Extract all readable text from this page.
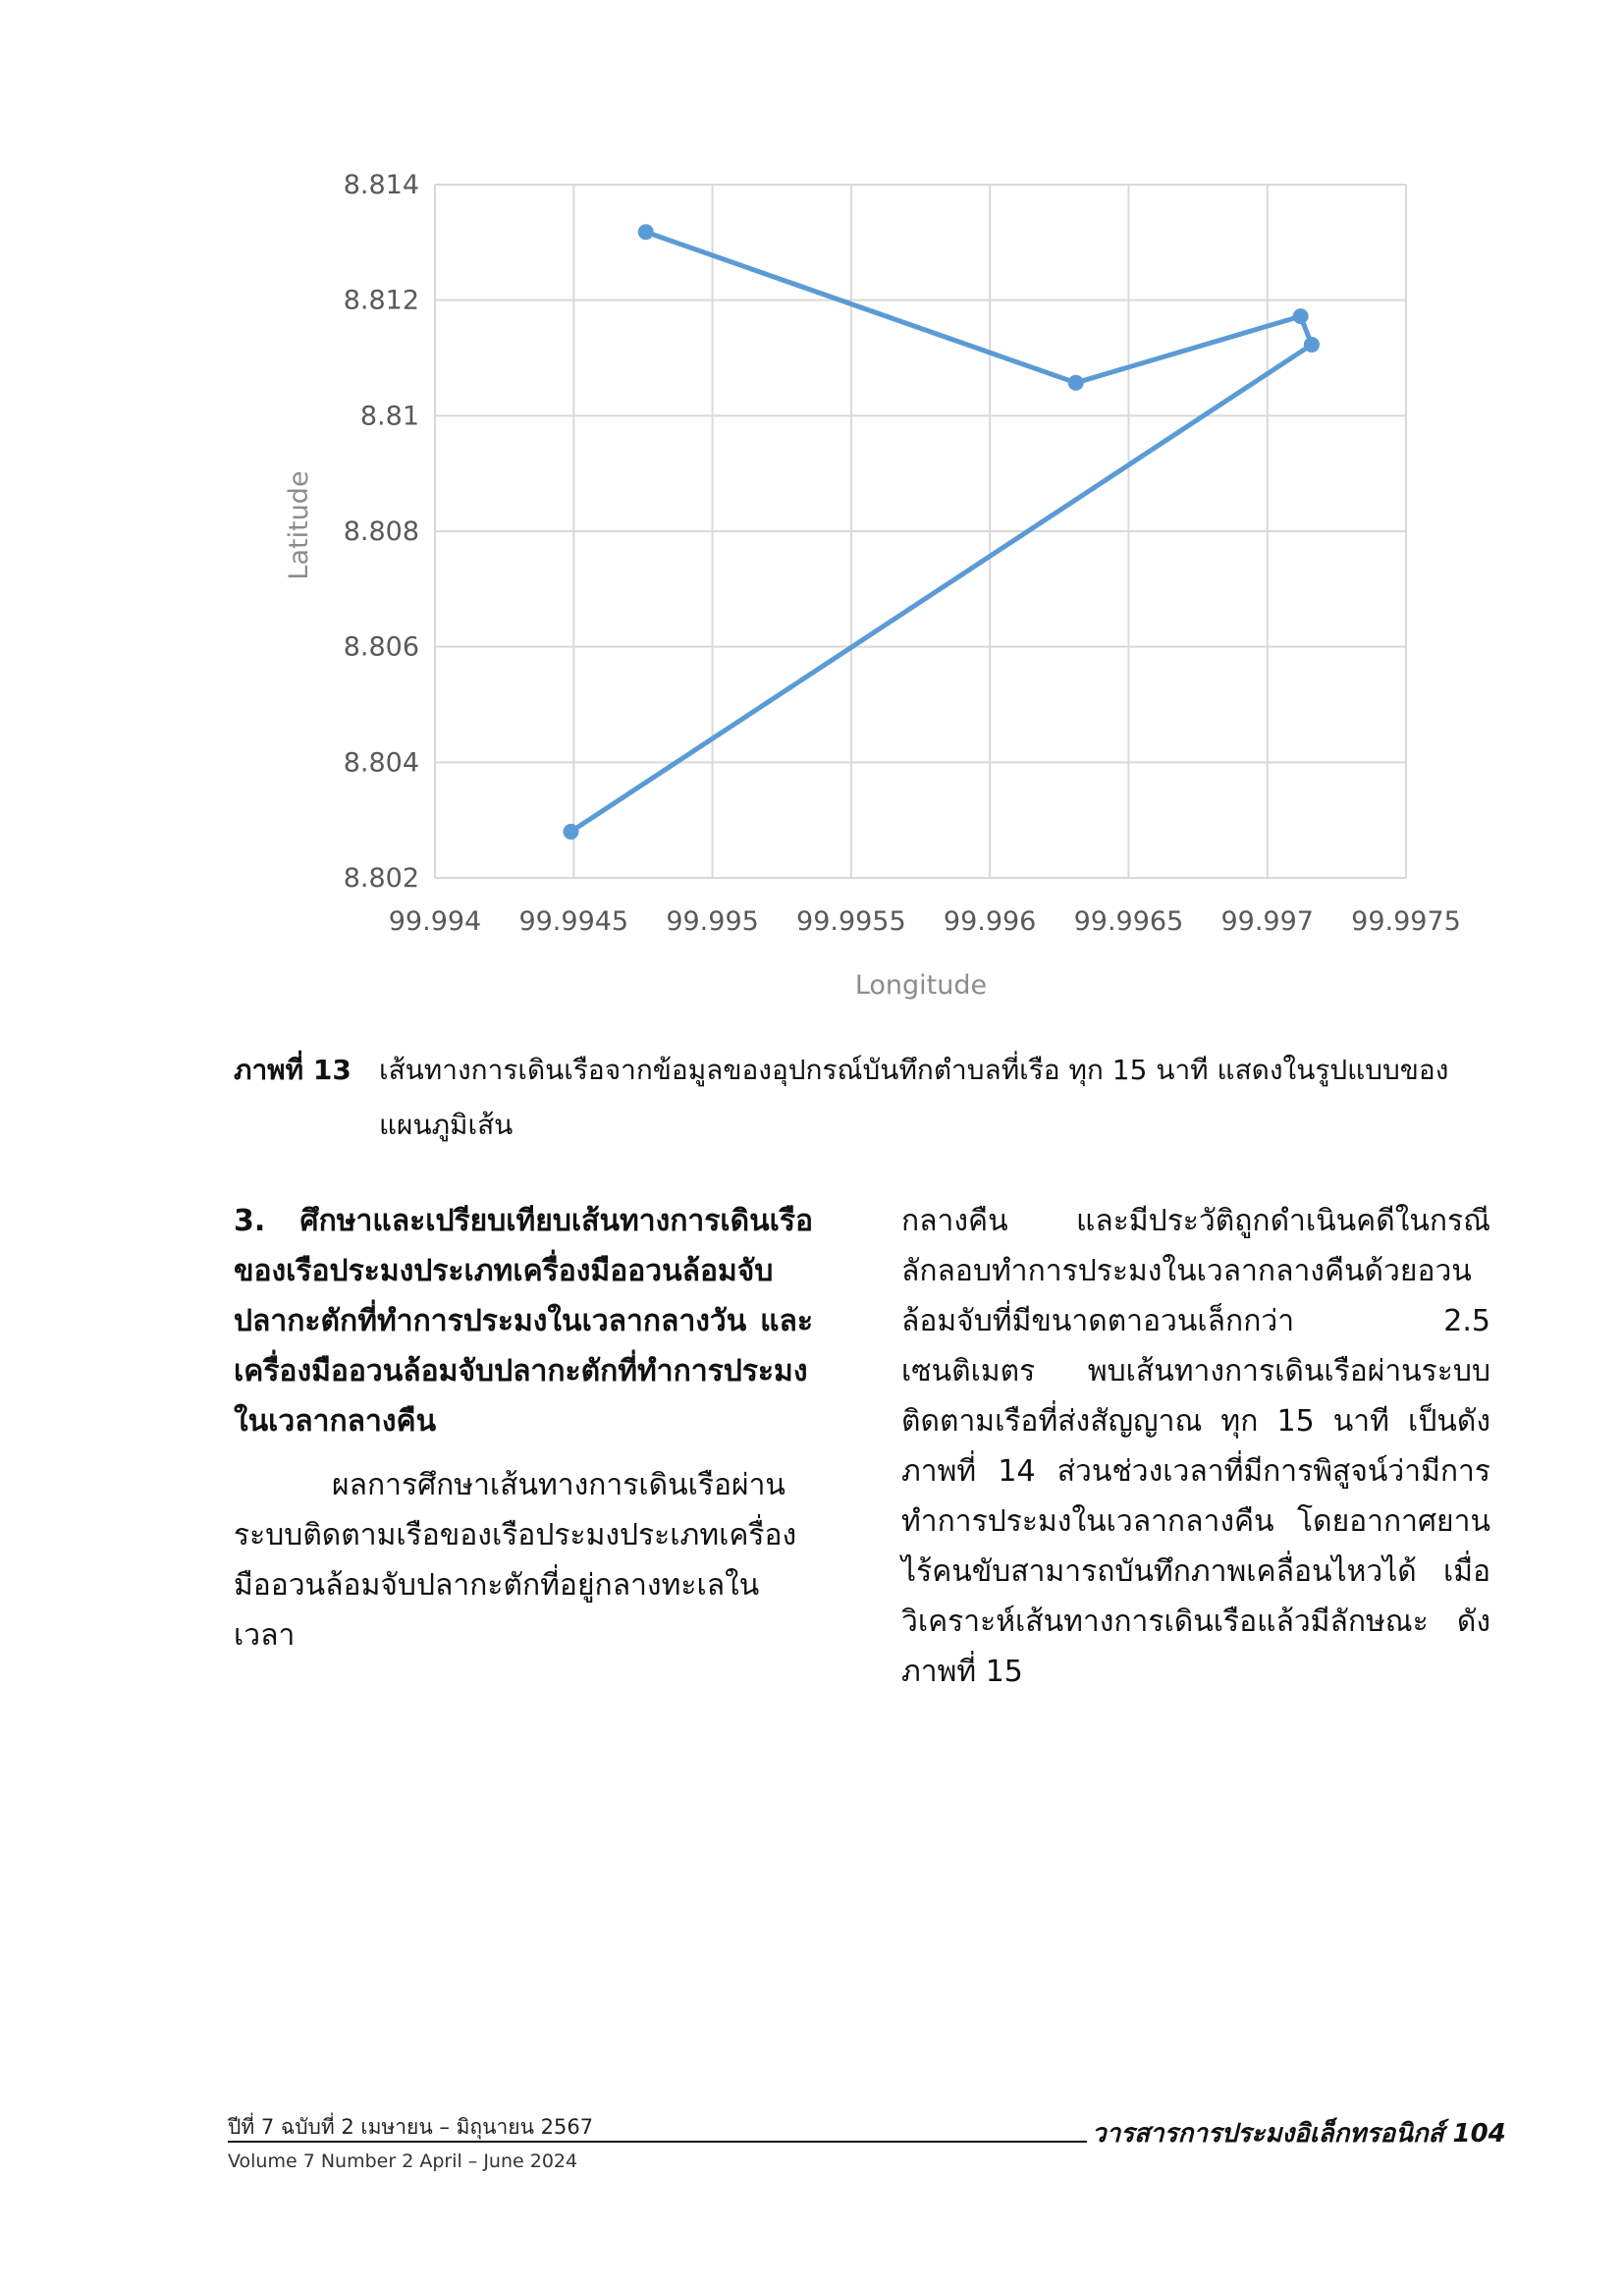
8.814
8.812
8.81
8.808
8.806
8.804
8.802
99.994 99.9945 99.995 99.9955 99.996 99.9965 99.997 99.9975
Latitude
Longitude
ภาพที่ 13	เส้นทางการเดินเรือจากข้อมูลของอุปกรณ์บันทึกตำบลที่เรือ ทุก 15 นาที แสดงในรูปแบบของแผนภูมิเส้น

3. ศึกษาและเปรียบเทียบเส้นทางการเดินเรือของเรือประมงประเภทเครื่องมืออวนล้อมจับปลากะตักที่ทำการประมงในเวลากลางวัน และเครื่องมืออวนล้อมจับปลากะตักที่ทำการประมงในเวลากลางคืน

ผลการศึกษาเส้นทางการเดินเรือผ่านระบบติดตามเรือของเรือประมงประเภทเครื่องมืออวนล้อมจับปลากะตักที่อยู่กลางทะเลในเวลา

กลางคืน และมีประวัติถูกดำเนินคดีในกรณีลักลอบทำการประมงในเวลากลางคืนด้วยอวนล้อมจับที่มีขนาดตาอวนเล็กกว่า 2.5 เซนติเมตร พบเส้นทางการเดินเรือผ่านระบบติดตามเรือที่ส่งสัญญาณ ทุก 15 นาที เป็นดังภาพที่ 14 ส่วนช่วงเวลาที่มีการพิสูจน์ว่ามีการทำการประมงในเวลากลางคืน โดยอากาศยานไร้คนขับสามารถบันทึกภาพเคลื่อนไหวได้ เมื่อวิเคราะห์เส้นทางการเดินเรือแล้วมีลักษณะ ดังภาพที่ 15

ปีที่ 7 ฉบับที่ 2 เมษายน – มิถุนายน 2567
Volume 7 Number 2 April – June 2024
วารสารการประมงอิเล็กทรอนิกส์ 104
